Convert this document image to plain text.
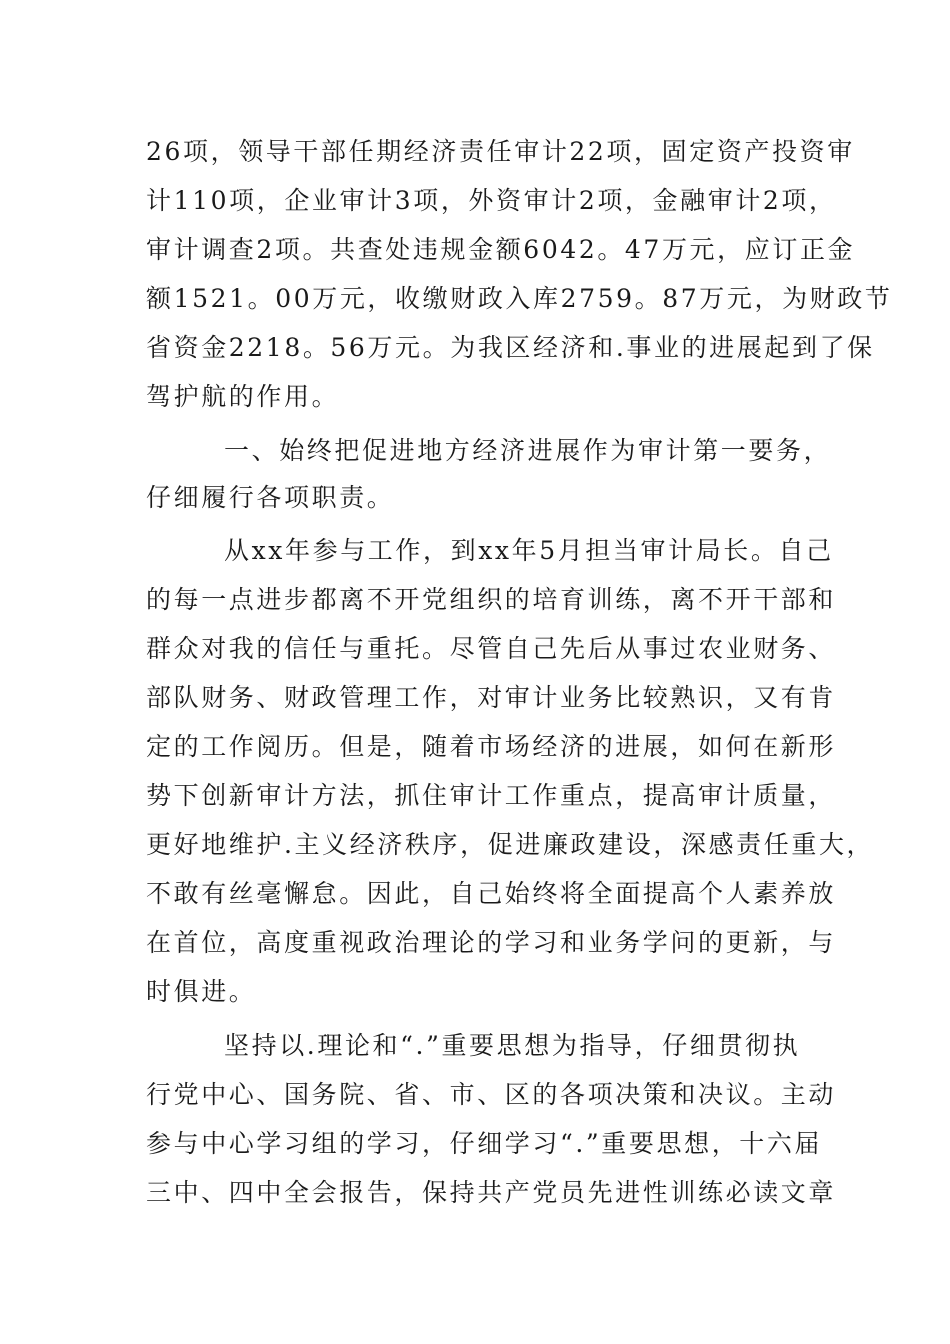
26项，领导干部任期经济责任审计22项，固定资产投资审
计110项，企业审计3项，外资审计2项，金融审计2项，
审计调查2项。共查处违规金额6042。47万元，应订正金
额1521。00万元，收缴财政入库2759。87万元，为财政节
省资金2218。56万元。为我区经济和.事业的进展起到了保
驾护航的作用。
一、始终把促进地方经济进展作为审计第一要务，
仔细履行各项职责。
从xx年参与工作，到xx年5月担当审计局长。自己
的每一点进步都离不开党组织的培育训练，离不开干部和
群众对我的信任与重托。尽管自己先后从事过农业财务、
部队财务、财政管理工作，对审计业务比较熟识，又有肯
定的工作阅历。但是，随着市场经济的进展，如何在新形
势下创新审计方法，抓住审计工作重点，提高审计质量，
更好地维护.主义经济秩序，促进廉政建设，深感责任重大，
不敢有丝毫懈怠。因此，自己始终将全面提高个人素养放
在首位，高度重视政治理论的学习和业务学问的更新，与
时俱进。
坚持以.理论和“.”重要思想为指导，仔细贯彻执
行党中心、国务院、省、市、区的各项决策和决议。主动
参与中心学习组的学习，仔细学习“.”重要思想，十六届
三中、四中全会报告，保持共产党员先进性训练必读文章
